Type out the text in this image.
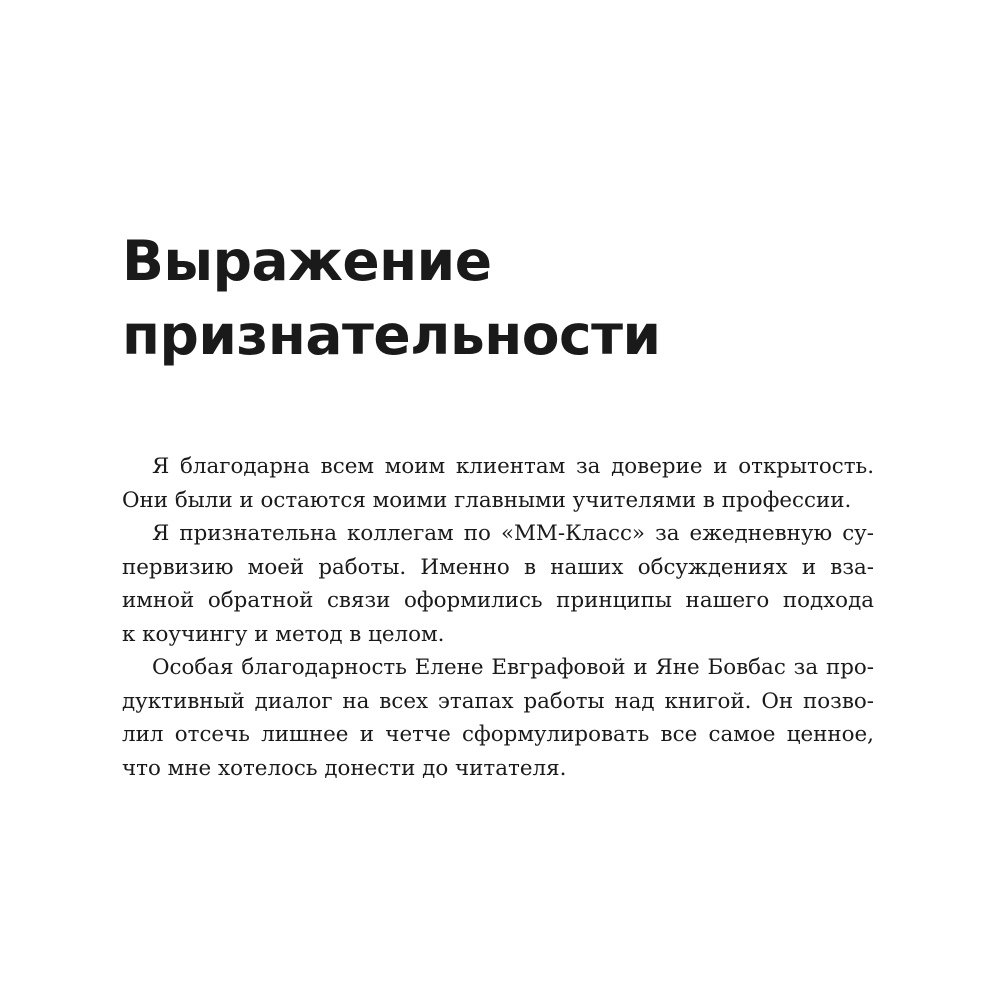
Выражение
признательности
Я благодарна всем моим клиентам за доверие и открытость.
Они были и остаются моими главными учителями в профессии.
Я признательна коллегам по «ММ-Класс» за ежедневную су-
первизию моей работы. Именно в наших обсуждениях и вза-
имной обратной связи оформились принципы нашего подхода
к коучингу и метод в целом.
Особая благодарность Елене Евграфовой и Яне Бовбас за про-
дуктивный диалог на всех этапах работы над книгой. Он позво-
лил отсечь лишнее и четче сформулировать все самое ценное,
что мне хотелось донести до читателя.
